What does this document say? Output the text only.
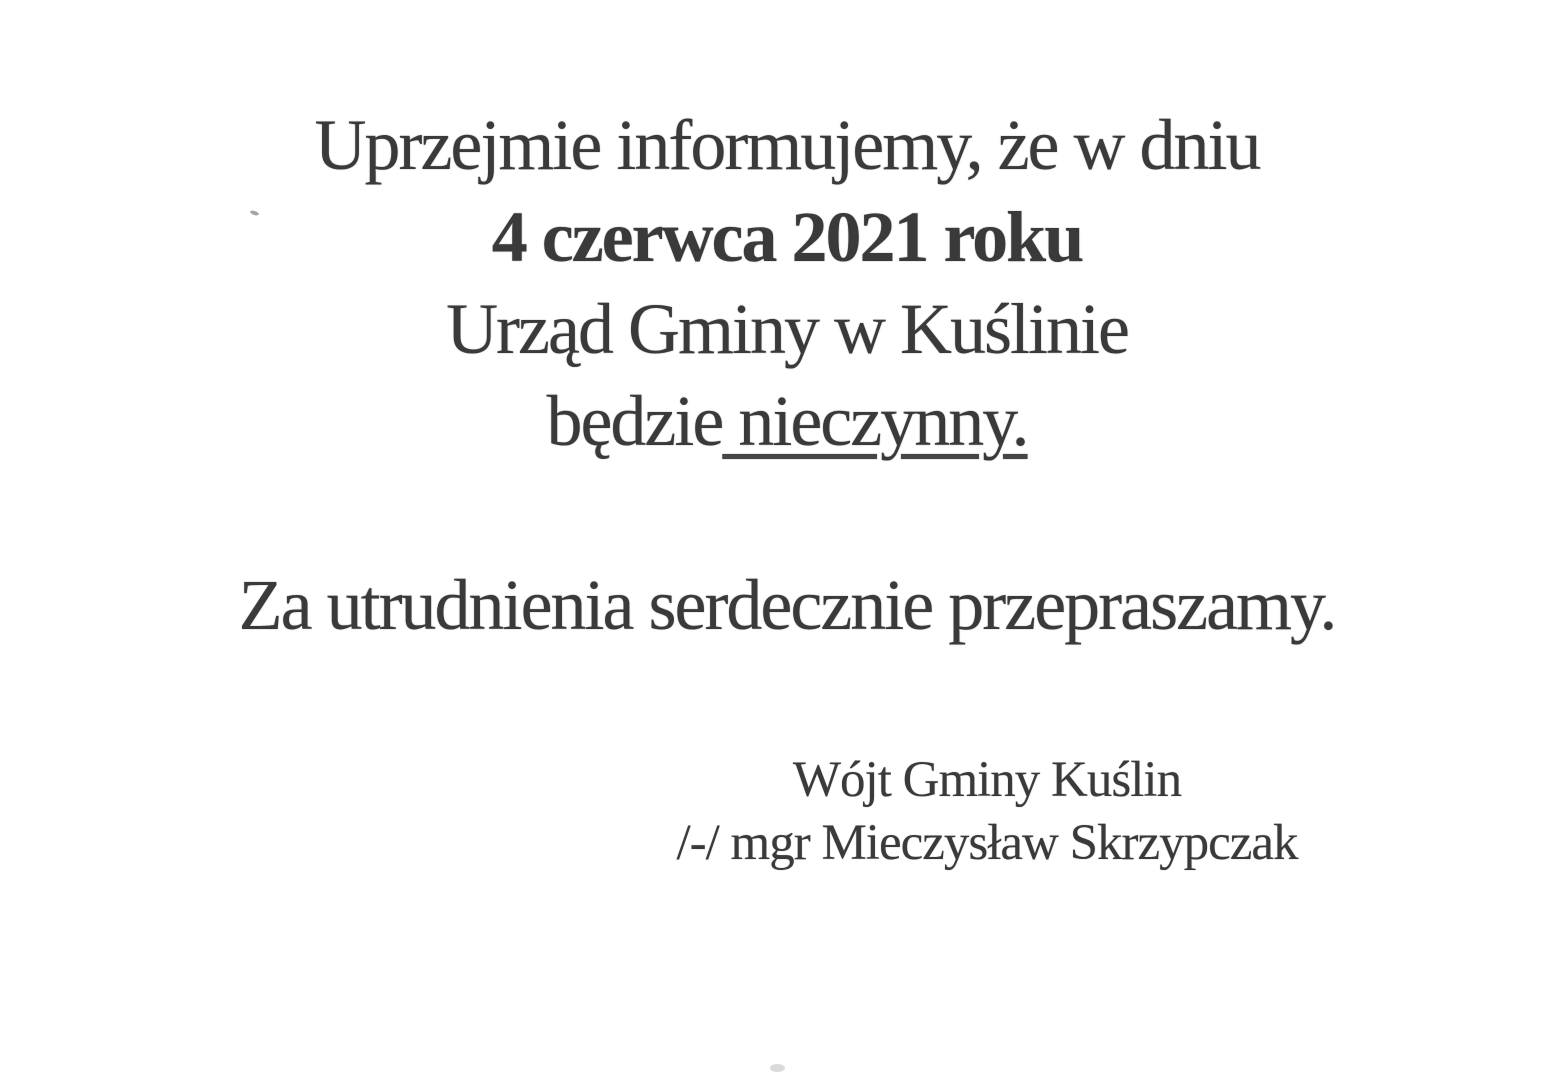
Uprzejmie informujemy, że w dniu
4 czerwca 2021 roku
Urząd Gminy w Kuślinie
będzie nieczynny.
Za utrudnienia serdecznie przepraszamy.
Wójt Gminy Kuślin
/-/ mgr Mieczysław Skrzypczak
